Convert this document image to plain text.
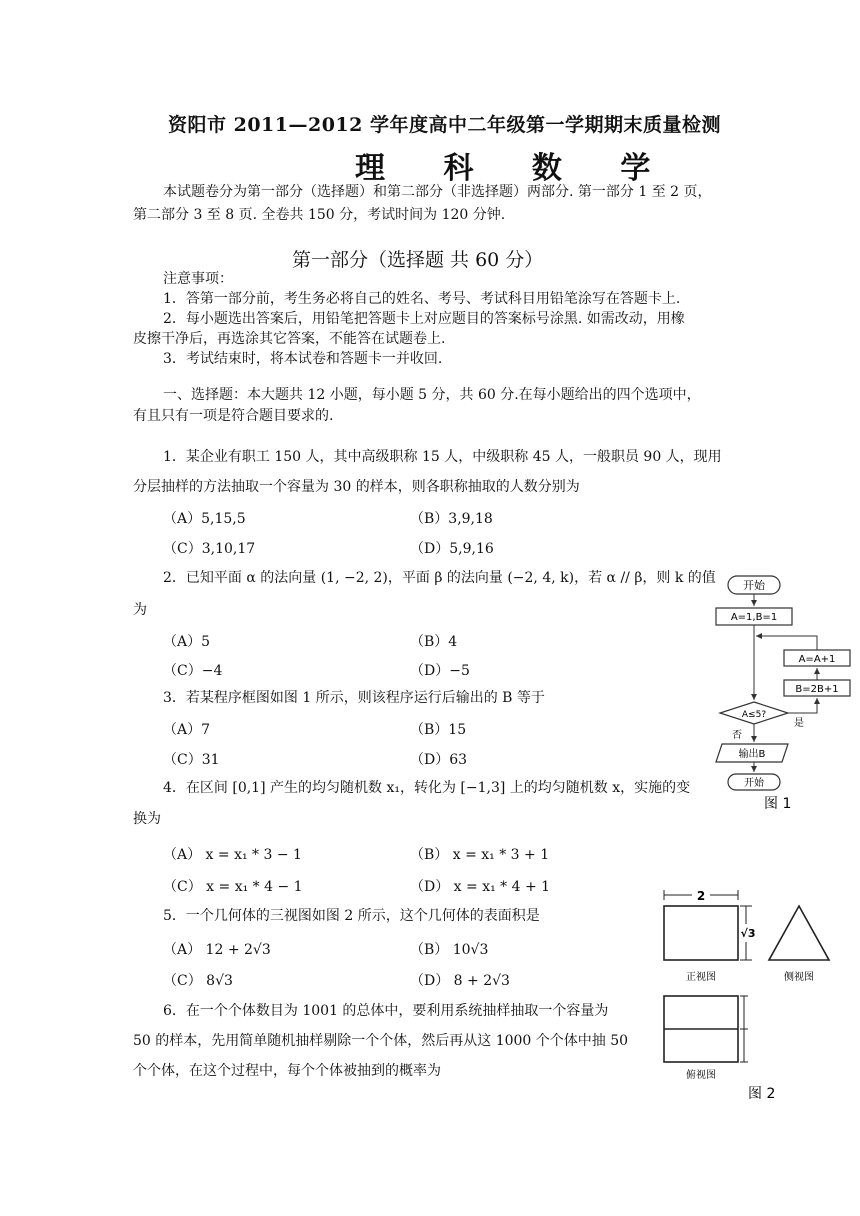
资阳市 2011—2012 学年度高中二年级第一学期期末质量检测
理 科 数 学
本试题卷分为第一部分（选择题）和第二部分（非选择题）两部分. 第一部分 1 至 2 页，
第二部分 3 至 8 页. 全卷共 150 分，考试时间为 120 分钟.
第一部分（选择题 共 60 分）
注意事项：
1．答第一部分前，考生务必将自己的姓名、考号、考试科目用铅笔涂写在答题卡上.
2．每小题选出答案后，用铅笔把答题卡上对应题目的答案标号涂黑. 如需改动，用橡
皮擦干净后，再选涂其它答案，不能答在试题卷上.
3．考试结束时，将本试卷和答题卡一并收回.
一、选择题：本大题共 12 小题，每小题 5 分，共 60 分.在每小题给出的四个选项中，
有且只有一项是符合题目要求的.
1．某企业有职工 150 人，其中高级职称 15 人，中级职称 45 人，一般职员 90 人，现用
分层抽样的方法抽取一个容量为 30 的样本，则各职称抽取的人数分别为
（A）5,15,5	（B）3,9,18
（C）3,10,17	（D）5,9,16
2．已知平面 α 的法向量 (1, −2, 2)，平面 β 的法向量 (−2, 4, k)，若 α // β，则 k 的值
为
（A）5	（B）4
（C）−4	（D）−5
3．若某程序框图如图 1 所示，则该程序运行后输出的 B 等于
（A）7	（B）15
（C）31	（D）63
4．在区间 [0,1] 产生的均匀随机数 x₁，转化为 [−1,3] 上的均匀随机数 x，实施的变
换为
（A） x = x₁ * 3 − 1	（B） x = x₁ * 3 + 1
（C） x = x₁ * 4 − 1	（D） x = x₁ * 4 + 1
5．一个几何体的三视图如图 2 所示，这个几何体的表面积是
（A） 12 + 2√3	（B） 10√3
（C） 8√3	（D） 8 + 2√3
6．在一个个体数目为 1001 的总体中，要利用系统抽样抽取一个容量为
50 的样本，先用简单随机抽样剔除一个个体，然后再从这 1000 个个体中抽 50
个个体，在这个过程中，每个个体被抽到的概率为
开始
A=1,B=1
A=A+1
B=2B+1
A≤5?
是
否
输出B
开始
图 1
2
√3
正视图	侧视图
俯视图
图 2
